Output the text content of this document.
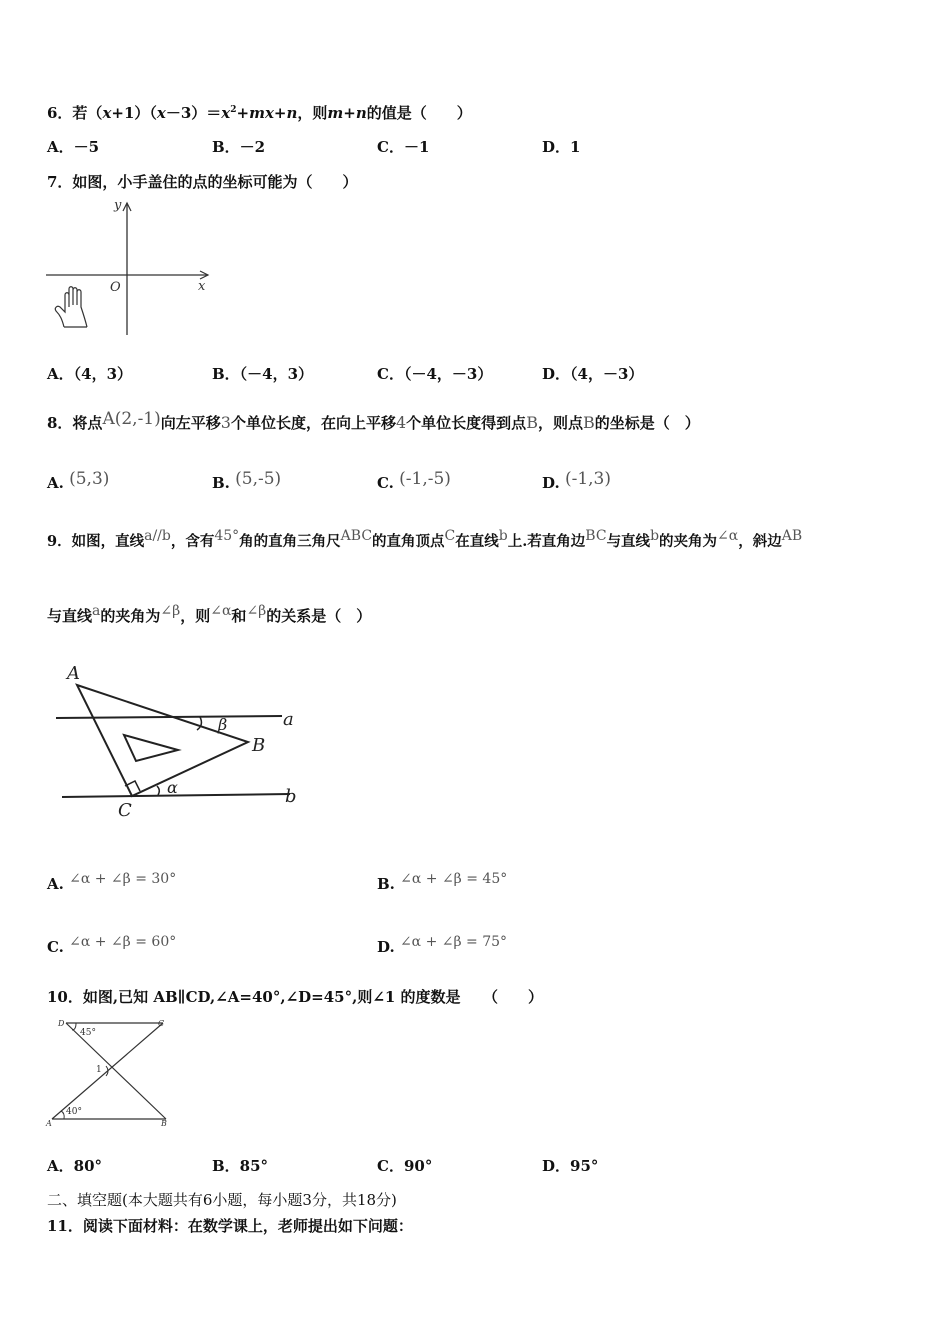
6．若$(x+1)(x-3)=x^2+mx+n$，则m+n的值是（　　）
A．－5	B．－2	C．－1	D．1
7．如图，小手盖住的点的坐标可能为（　　）
y
x
O
A．（4，3）	B．（－4，3）	C．（－4，－3）	D．（4，－3）
8．将点A(2,-1)向左平移3个单位长度，在向上平移4个单位长度得到点B，则点B的坐标是（　）
A. (5,3)	B. (5,-5)	C. (-1,-5)	D. (-1,3)
9．如图，直线a//b，含有45°角的直角三角尺ABC的直角顶点C在直线b上.若直角边BC与直线b的夹角为∠α，斜边AB
与直线a的夹角为∠β，则∠α和∠β的关系是（　）
A
B
C
a
b
α
β
A. ∠α + ∠β = 30°	B. ∠α + ∠β = 45°
C. ∠α + ∠β = 60°	D. ∠α + ∠β = 75°
10．如图,已知 AB∥CD,∠A=40°,∠D=45°,则∠1 的度数是　　（　　）
D	C
A	B
45°
40°
1
A．80°	B．85°	C．90°	D．95°
二、填空题(本大题共有6小题，每小题3分，共18分)
11．阅读下面材料：在数学课上，老师提出如下问题：
